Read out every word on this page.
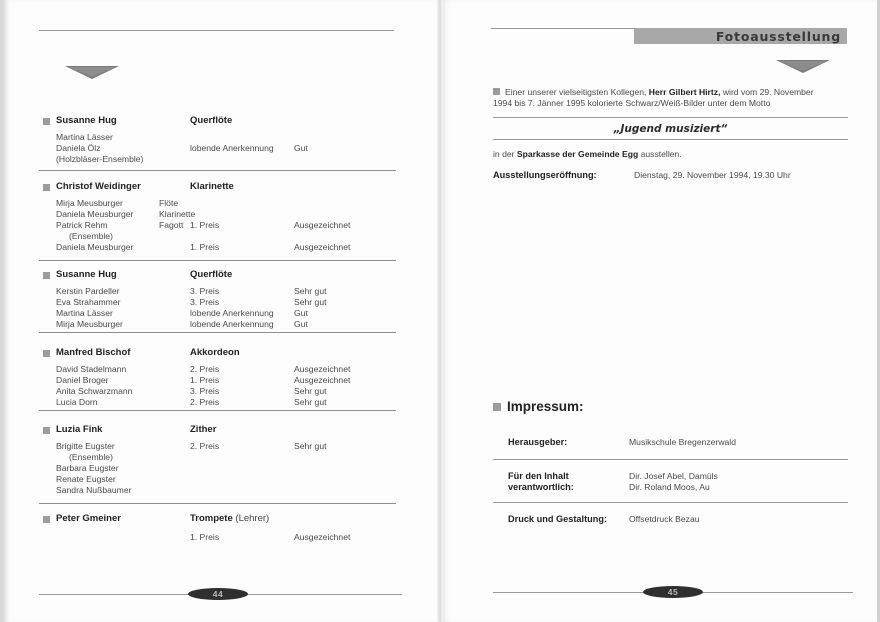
Susanne Hug	Querflöte
Martina Lässer
Daniela Ölz	lobende Anerkennung Gut
(Holzbläser-Ensemble)
Christof Weidinger	Klarinette
Mirja Meusburger	Flöte
Daniela Meusburger	Klarinette
Patrick Rehm	Fagott 1. Preis	Ausgezeichnet
(Ensemble)
Daniela Meusburger	1. Preis	Ausgezeichnet
Susanne Hug	Querflöte
Kerstin Pardeller	3. Preis	Sehr gut
Eva Strahammer	3. Preis	Sehr gut
Martina Lässer	lobende Anerkennung Gut
Mirja Meusburger	lobende Anerkennung Gut
Manfred Bischof	Akkordeon
David Stadelmann	2. Preis	Ausgezeichnet
Daniel Broger	1. Preis	Ausgezeichnet
Anita Schwarzmann	3. Preis	Sehr gut
Lucia Dorn	2. Preis	Sehr gut
Luzia Fink	Zither
Brigitte Eugster	2. Preis	Sehr gut
(Ensemble)
Barbara Eugster
Renate Eugster
Sandra Nußbaumer
Peter Gmeiner	Trompete (Lehrer)
1. Preis	Ausgezeichnet
44
Fotoausstellung
Einer unserer vielseitigsten Kollegen, Herr Gilbert Hirtz, wird vom 29. November
1994 bis 7. Jänner 1995 kolorierte Schwarz/Weiß-Bilder unter dem Motto
„Jugend musiziert“
in der Sparkasse der Gemeinde Egg ausstellen.
Ausstellungseröffnung:	Dienstag, 29. November 1994, 19.30 Uhr
Impressum:
Herausgeber:	Musikschule Bregenzerwald
Für den Inhalt
verantwortlich:
Dir. Josef Abel, Damüls
Dir. Roland Moos, Au
Druck und Gestaltung:	Offsetdruck Bezau
45
